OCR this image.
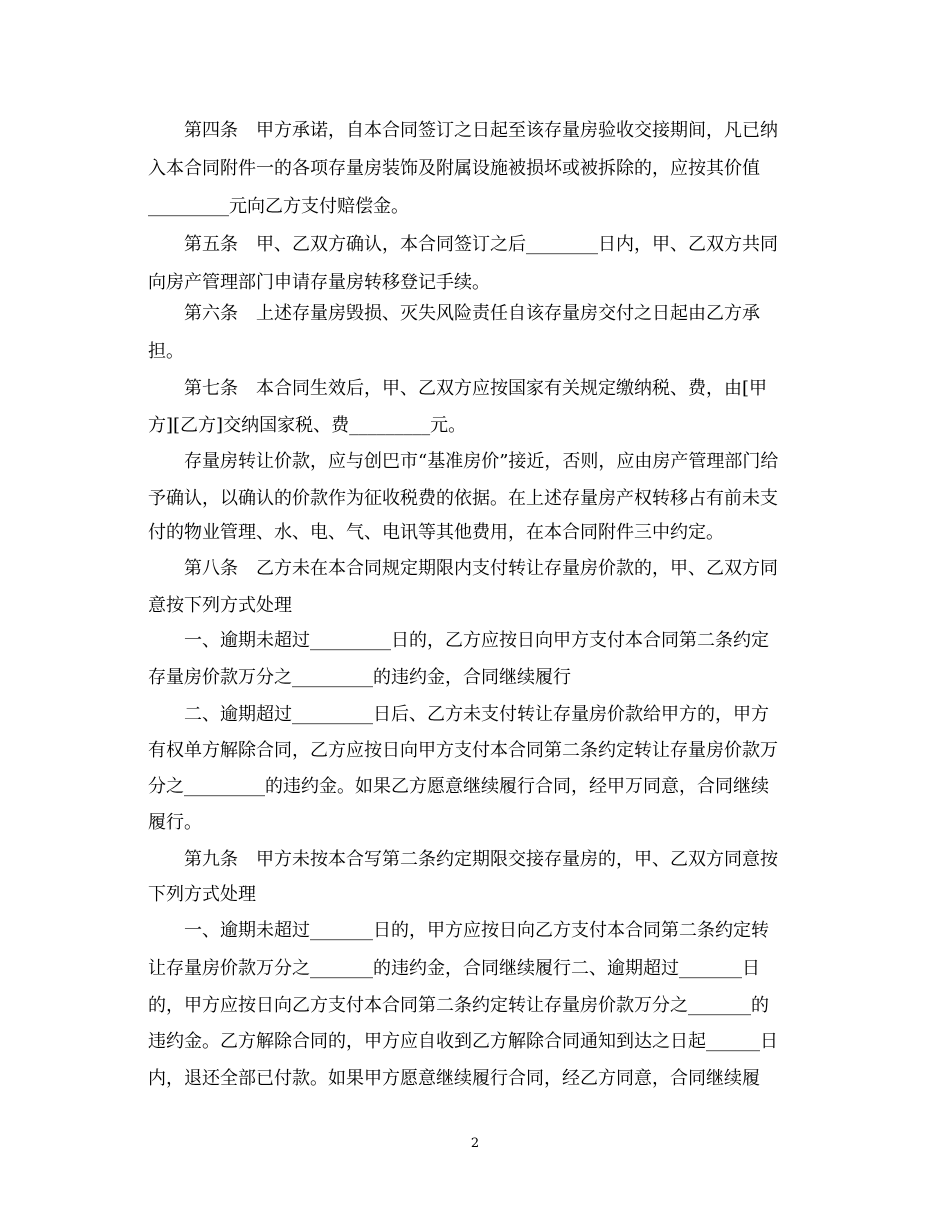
第四条　甲方承诺，自本合同签订之日起至该存量房验收交接期间，凡已纳

入本合同附件一的各项存量房装饰及附属设施被损坏或被拆除的，应按其价值

_________元向乙方支付赔偿金。

第五条　甲、乙双方确认，本合同签订之后________日内，甲、乙双方共同

向房产管理部门申请存量房转移登记手续。

第六条　上述存量房毁损、灭失风险责任自该存量房交付之日起由乙方承

担。

第七条　本合同生效后，甲、乙双方应按国家有关规定缴纳税、费，由[甲

方][乙方]交纳国家税、费_________元。

存量房转让价款，应与创巴市“基准房价”接近，否则，应由房产管理部门给

予确认，以确认的价款作为征收税费的依据。在上述存量房产权转移占有前未支

付的物业管理、水、电、气、电讯等其他费用，在本合同附件三中约定。

第八条　乙方未在本合同规定期限内支付转让存量房价款的，甲、乙双方同

意按下列方式处理

一、逾期未超过_________日的，乙方应按日向甲方支付本合同第二条约定

存量房价款万分之_________的违约金，合同继续履行

二、逾期超过_________日后、乙方未支付转让存量房价款给甲方的，甲方

有权单方解除合同，乙方应按日向甲方支付本合同第二条约定转让存量房价款万

分之_________的违约金。如果乙方愿意继续履行合同，经甲万同意，合同继续

履行。

第九条　甲方未按本合写第二条约定期限交接存量房的，甲、乙双方同意按

下列方式处理

一、逾期未超过_______日的，甲方应按日向乙方支付本合同第二条约定转

让存量房价款万分之_______的违约金，合同继续履行二、逾期超过_______日

的，甲方应按日向乙方支付本合同第二条约定转让存量房价款万分之_______的

违约金。乙方解除合同的，甲方应自收到乙方解除合同通知到达之日起______日

内，退还全部已付款。如果甲方愿意继续履行合同，经乙方同意，合同继续履

2
